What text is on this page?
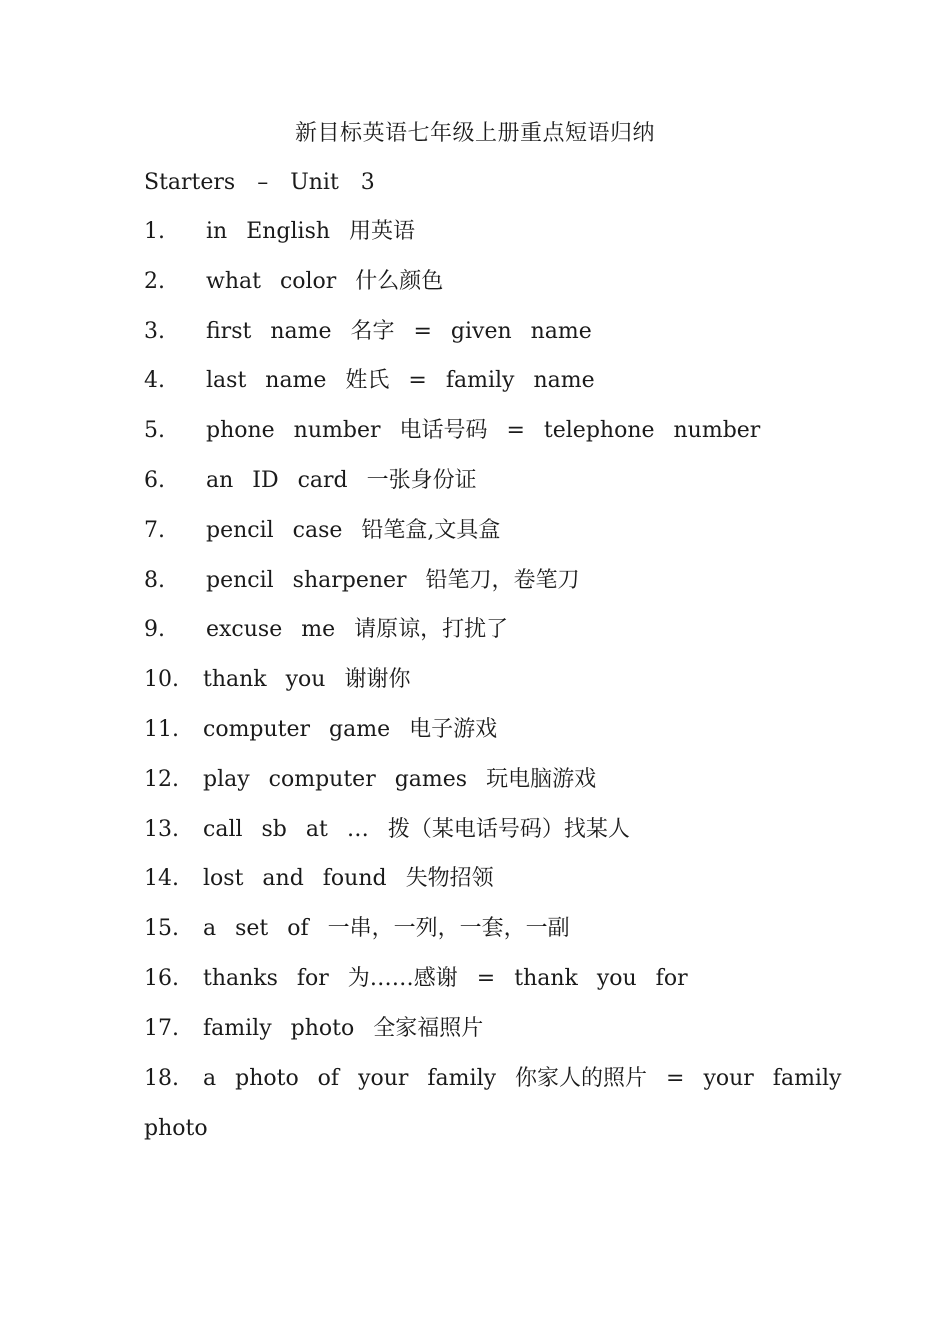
新目标英语七年级上册重点短语归纳
Starters　–　Unit　3
1. in English 用英语
2. what color 什么颜色
3. first name 名字 = given name
4. last name 姓氏 = family name
5. phone number 电话号码 = telephone number
6. an ID card 一张身份证
7. pencil case 铅笔盒,文具盒
8. pencil sharpener 铅笔刀，卷笔刀
9. excuse me 请原谅，打扰了
10. thank you 谢谢你
11. computer game 电子游戏
12. play computer games 玩电脑游戏
13. call sb at … 拨（某电话号码）找某人
14. lost and found 失物招领
15. a set of 一串，一列，一套，一副
16. thanks for 为……感谢 = thank you for
17. family photo 全家福照片
18. a photo of your family 你家人的照片 = your family
photo
